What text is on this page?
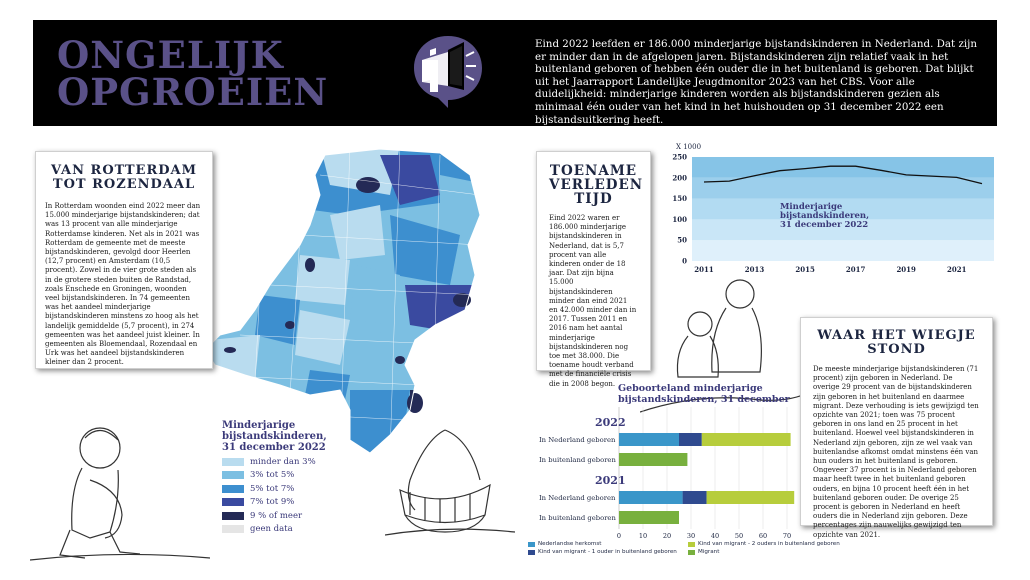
ONGELIJK
OPGROEIEN
Eind 2022 leefden er 186.000 minderjarige bijstandskinderen in Nederland. Dat zijn er minder dan in de afgelopen jaren. Bijstandskinderen zijn relatief vaak in het buitenland geboren of hebben één ouder die in het buitenland is geboren. Dat blijkt uit het Jaarrapport Landelijke Jeugdmonitor 2023 van het CBS. Voor alle duidelijkheid: minderjarige kinderen worden als bijstandskinderen gezien als minimaal één ouder van het kind in het huishouden op 31 december 2022 een bijstandsuitkering heeft.
Minderjarige
bijstandskinderen,
31 december 2022
minder dan 3%
3% tot 5%
5% tot 7%
7% tot 9%
9 % of meer
geen data
VAN ROTTERDAM TOT ROZENDAAL

In Rotterdam woonden eind 2022 meer dan 15.000 minderjarige bijstandskinderen; dat was 13 procent van alle minderjarige Rotterdamse kinderen. Net als in 2021 was Rotterdam de gemeente met de meeste bijstandskinderen, gevolgd door Heerlen (12,7 procent) en Amsterdam (10,5 procent). Zowel in de vier grote steden als in de grotere steden buiten de Randstad, zoals Enschede en Groningen, woonden veel bijstandskinderen. In 74 gemeenten was het aandeel minderjarige bijstandskinderen minstens zo hoog als het landelijk gemiddelde (5,7 procent), in 274 gemeenten was het aandeel juist kleiner. In gemeenten als Bloemendaal, Rozendaal en Urk was het aandeel bijstandskinderen kleiner dan 2 procent.

TOENAME VERLEDEN TIJD

Eind 2022 waren er 186.000 minderjarige bijstandskinderen in Nederland, dat is 5,7 procent van alle kinderen onder de 18 jaar. Dat zijn bijna 15.000 bijstandskinderen minder dan eind 2021 en 42.000 minder dan in 2017. Tussen 2011 en 2016 nam het aantal minderjarige bijstandskinderen nog toe met 38.000. Die toename houdt verband met de financiële crisis die in 2008 begon.

X 1000
0
50
100
150
200
250
2011	2013	2015	2017	2019	2021
Minderjarige
bijstandskinderen,
31 december 2022
WAAR HET WIEGJE STOND

De meeste minderjarige bijstandskinderen (71 procent) zijn geboren in Nederland. De overige 29 procent van de bijstandskinderen zijn geboren in het buitenland en daarmee migrant. Deze verhouding is iets gewijzigd ten opzichte van 2021; toen was 75 procent geboren in ons land en 25 procent in het buitenland. Hoewel veel bijstandskinderen in Nederland zijn geboren, zijn ze wel vaak van buitenlandse afkomst omdat minstens één van hun ouders in het buitenland is geboren. Ongeveer 37 procent is in Nederland geboren maar heeft twee in het buitenland geboren ouders, en bijna 10 procent heeft één in het buitenland geboren ouder. De overige 25 procent is geboren in Nederland en heeft ouders die in Nederland zijn geboren. Deze percentages zijn nauwelijks gewijzigd ten opzichte van 2021.

Geboorteland minderjarige
bijstandskinderen, 31 december
0	10 20 30 40 50 60 70
2022
In Nederland geboren
In buitenland geboren
2021
In Nederland geboren
In buitenland geboren
Nederlandse herkomst
Kind van migrant - 1 ouder in buitenland geboren
Kind van migrant - 2 ouders in buitenland geboren
Migrant
